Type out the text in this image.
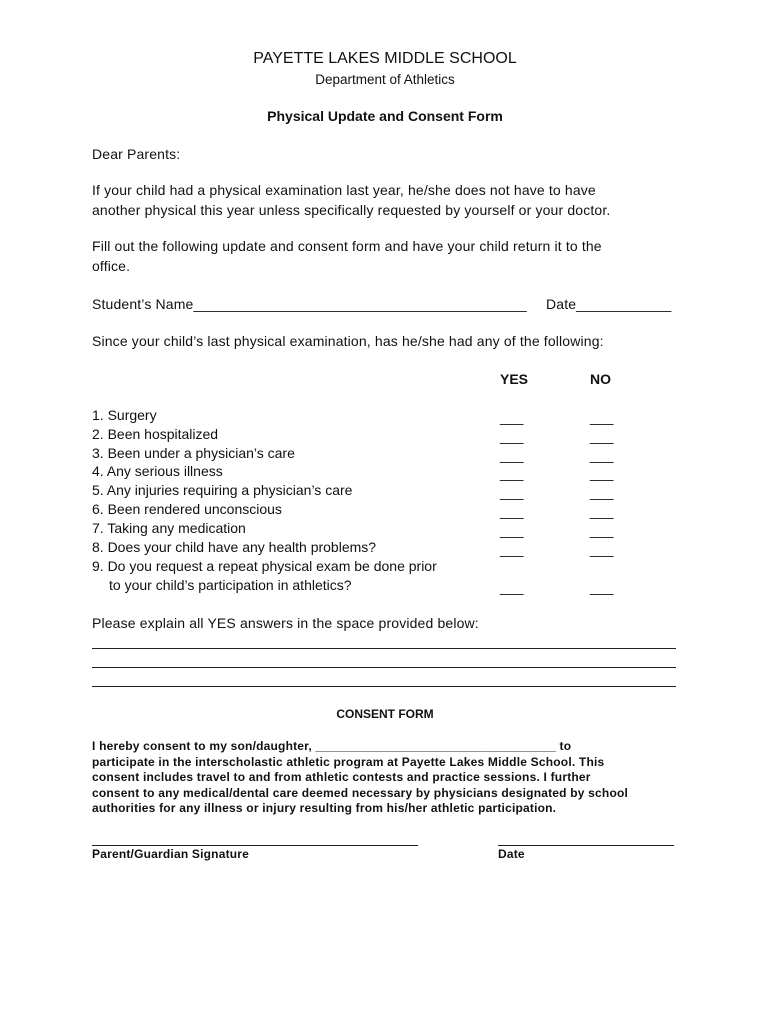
PAYETTE LAKES MIDDLE SCHOOL
Department of Athletics
Physical Update and Consent Form
Dear Parents:
If your child had a physical examination last year, he/she does not have to have
another physical this year unless specifically requested by yourself or your doctor.
Fill out the following update and consent form and have your child return it to the
office.
Student’s Name__________________________________________ Date____________
Since your child’s last physical examination, has he/she had any of the following:
YES	NO
1. Surgery
2. Been hospitalized
3. Been under a physician’s care
4. Any serious illness
5. Any injuries requiring a physician’s care
6. Been rendered unconscious
7. Taking any medication
8. Does your child have any health problems?
9. Do you request a repeat physical exam be done prior
to your child’s participation in athletics?
___
___
___
___
___
___
___
___
___
___
___
___
___
___
___
___
___
___
Please explain all YES answers in the space provided below:
CONSENT FORM
I hereby consent to my son/daughter, ___________________________________ to
participate in the interscholastic athletic program at Payette Lakes Middle School. This
consent includes travel to and from athletic contests and practice sessions. I further
consent to any medical/dental care deemed necessary by physicians designated by school
authorities for any illness or injury resulting from his/her athletic participation.
Parent/Guardian Signature	Date
